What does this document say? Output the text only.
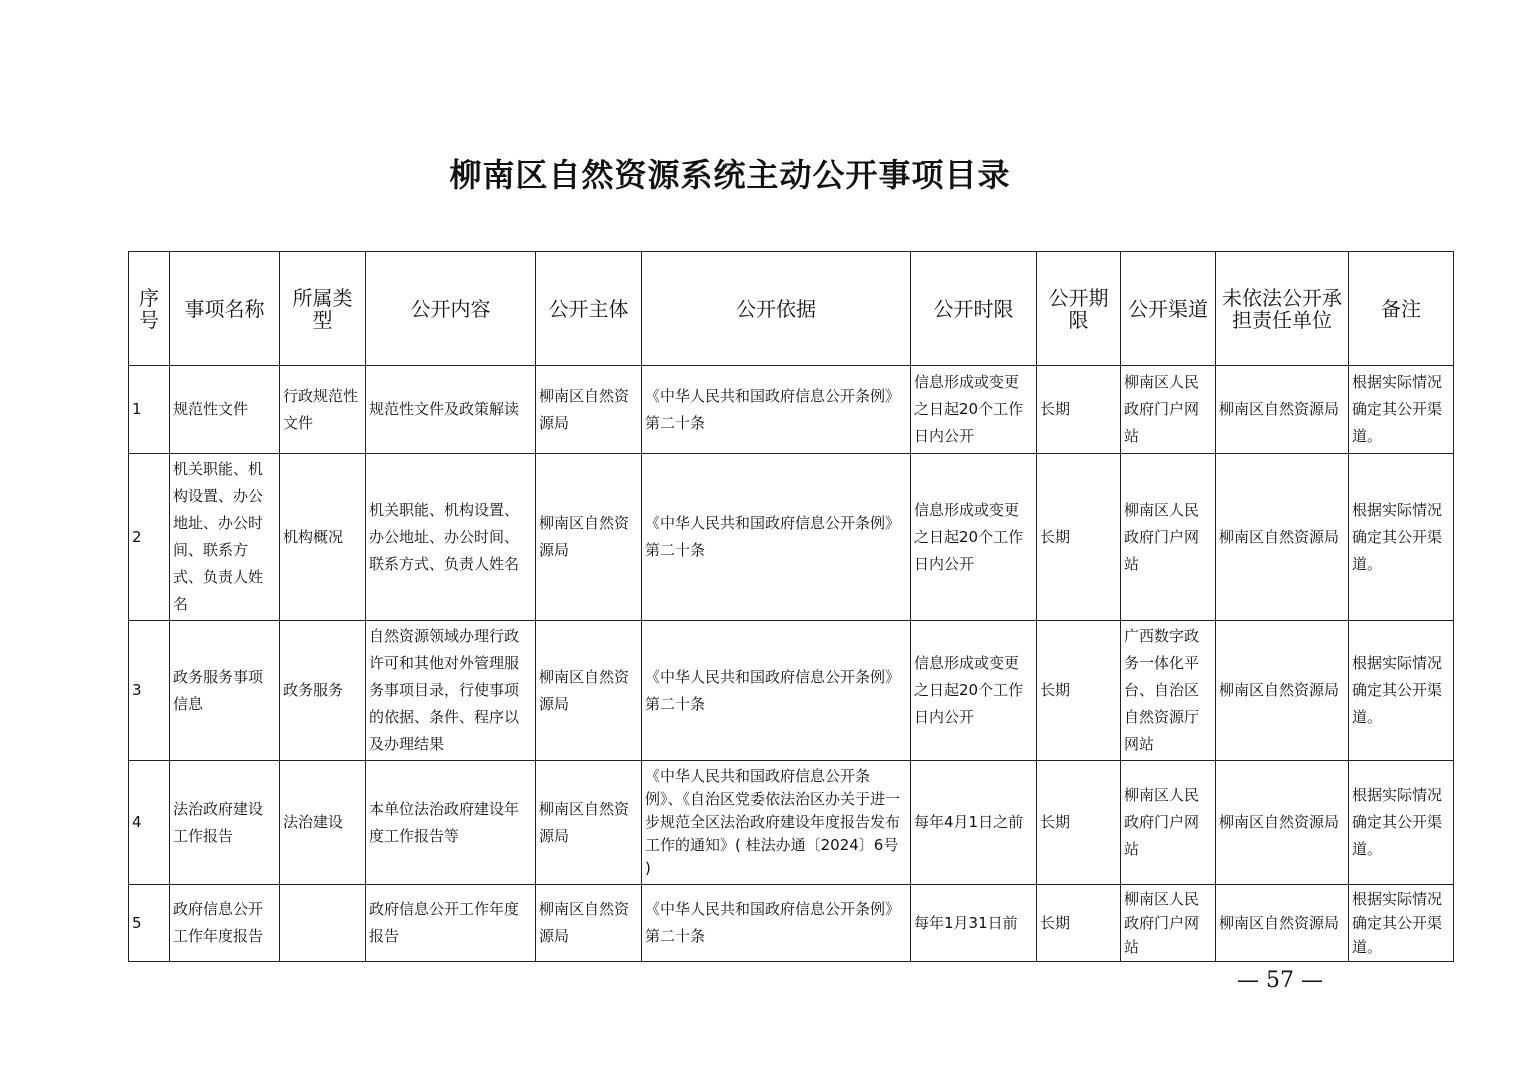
柳南区自然资源系统主动公开事项目录
序号	事项名称	所属类型	公开内容	公开主体	公开依据	公开时限	公开期限	公开渠道	未依法公开承担责任单位	备注
1	规范性文件	行政规范性文件	规范性文件及政策解读	柳南区自然资源局	《中华人民共和国政府信息公开条例》第二十条	信息形成或变更之日起20个工作日内公开	长期	柳南区人民政府门户网站	柳南区自然资源局	根据实际情况确定其公开渠道。
2	机关职能、机构设置、办公地址、办公时间、联系方式、负责人姓名	机构概况	机关职能、机构设置、办公地址、办公时间、联系方式、负责人姓名	柳南区自然资源局	《中华人民共和国政府信息公开条例》第二十条	信息形成或变更之日起20个工作日内公开	长期	柳南区人民政府门户网站	柳南区自然资源局	根据实际情况确定其公开渠道。
3	政务服务事项信息	政务服务	自然资源领域办理行政许可和其他对外管理服务事项目录，行使事项的依据、条件、程序以及办理结果	柳南区自然资源局	《中华人民共和国政府信息公开条例》第二十条	信息形成或变更之日起20个工作日内公开	长期	广西数字政务一体化平台、自治区自然资源厅网站	柳南区自然资源局	根据实际情况确定其公开渠道。
4	法治政府建设工作报告	法治建设	本单位法治政府建设年度工作报告等	柳南区自然资源局	《中华人民共和国政府信息公开条例》、《自治区党委依法治区办关于进一步规范全区法治政府建设年度报告发布工作的通知》( 桂法办通〔2024〕6号 )	每年4月1日之前	长期	柳南区人民政府门户网站	柳南区自然资源局	根据实际情况确定其公开渠道。
5	政府信息公开工作年度报告		政府信息公开工作年度报告	柳南区自然资源局	《中华人民共和国政府信息公开条例》第二十条	每年1月31日前	长期	柳南区人民政府门户网站	柳南区自然资源局	根据实际情况确定其公开渠道。
— 57 —
